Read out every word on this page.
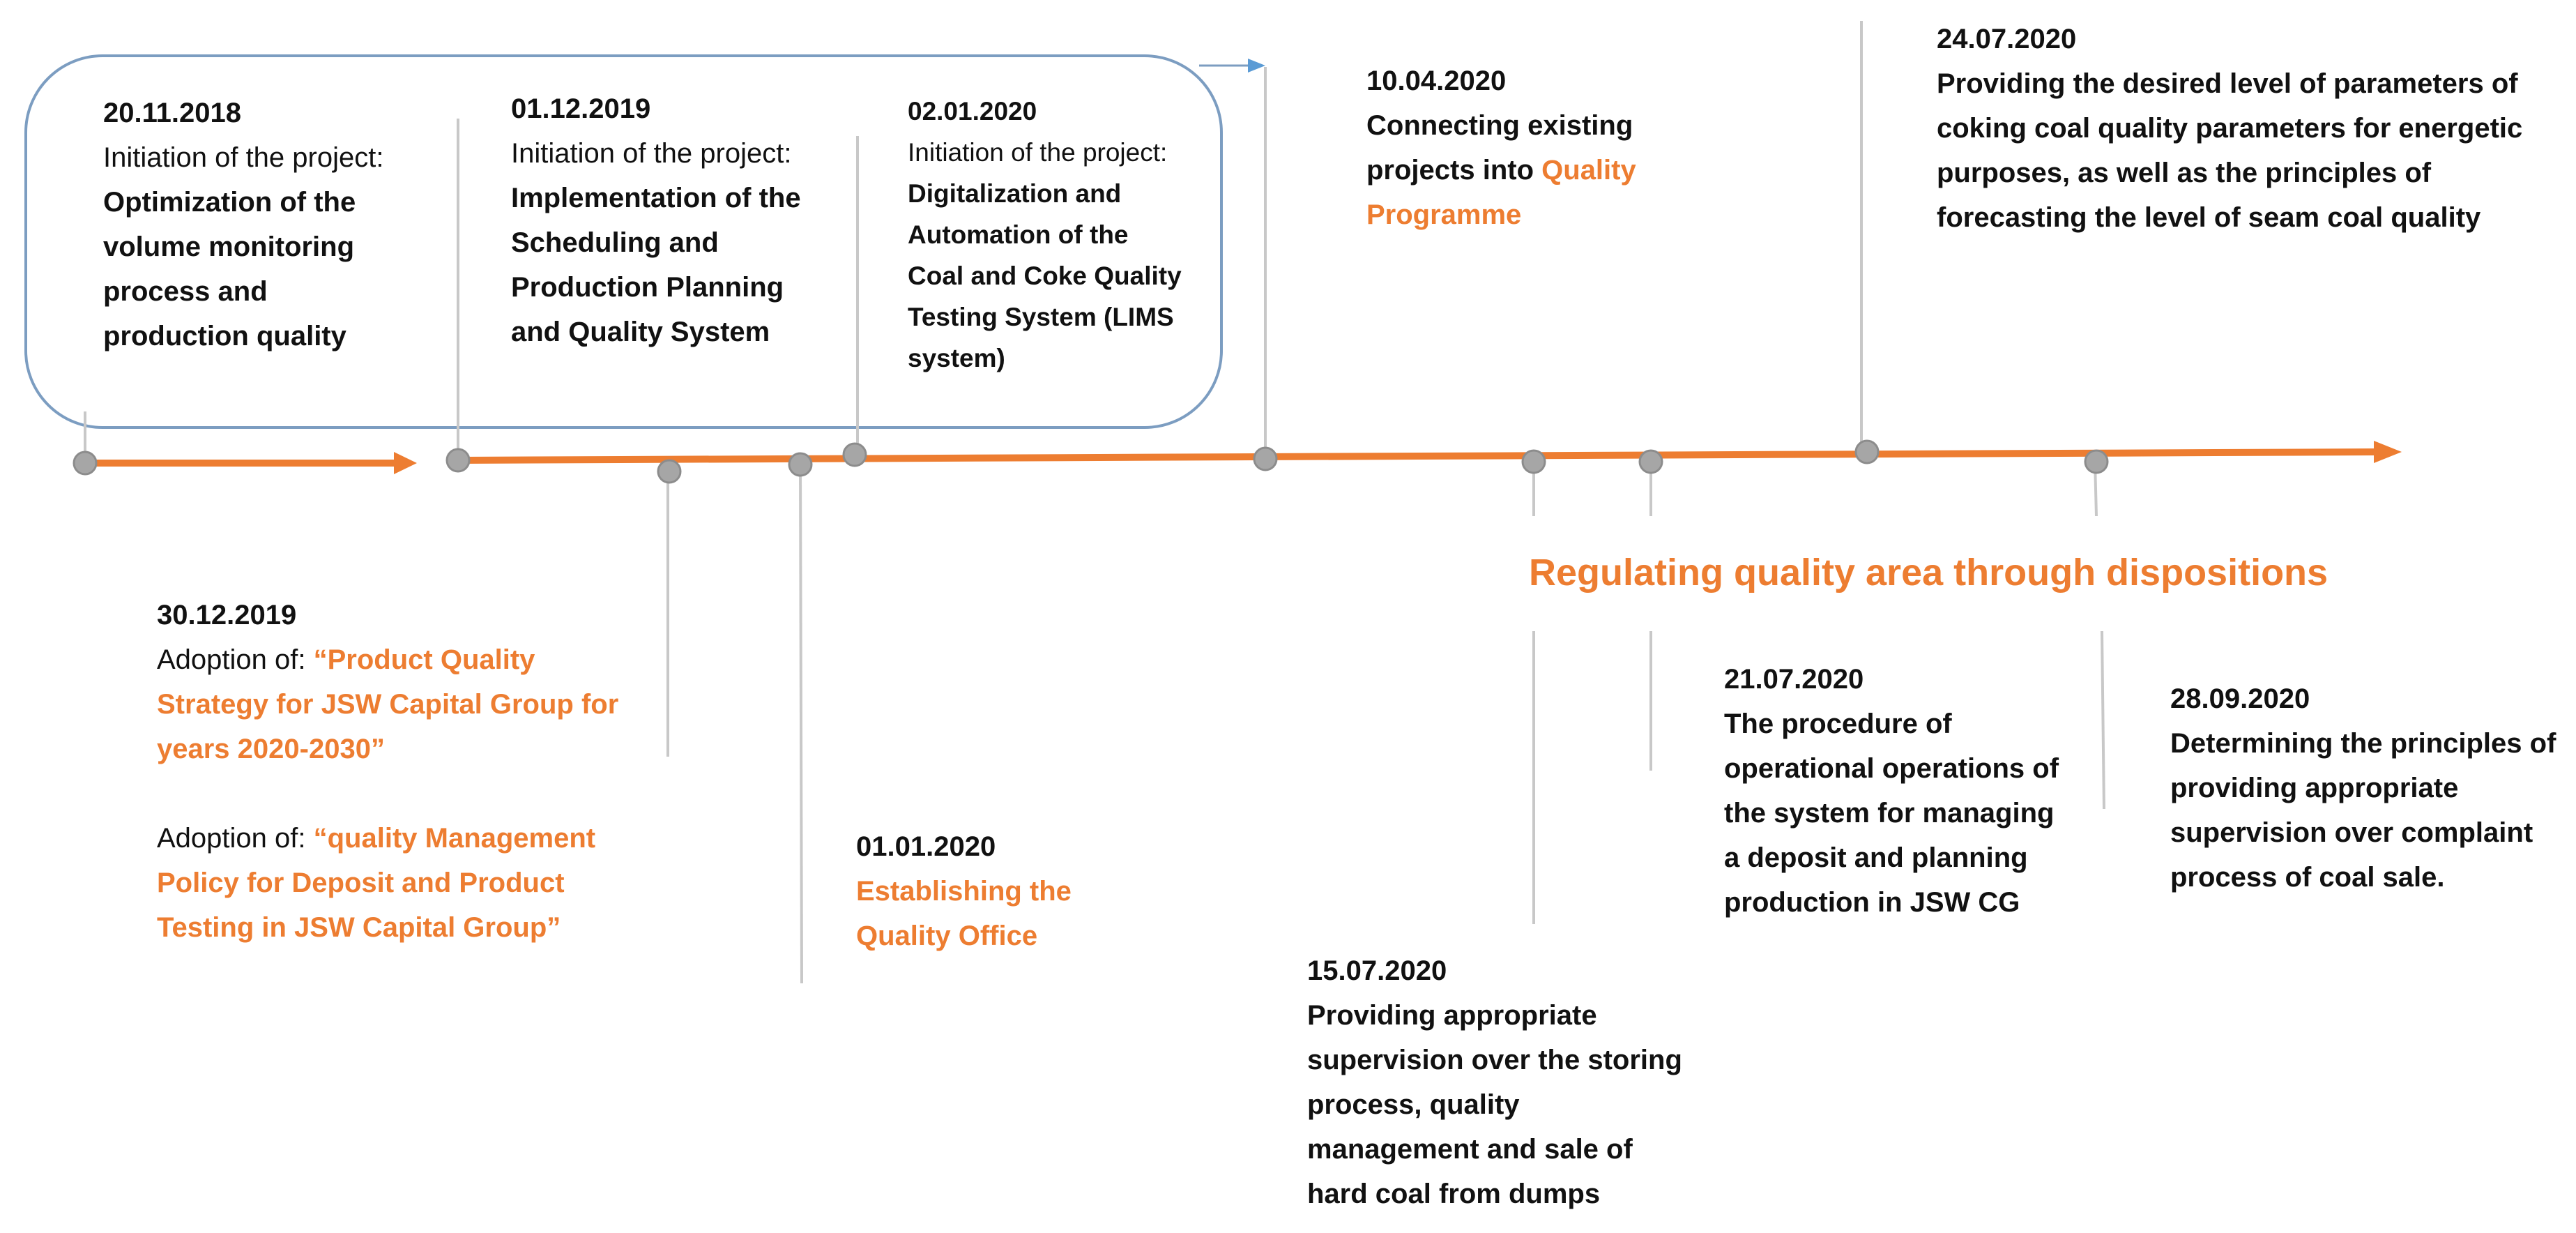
20.11.2018
Initiation of the project: Optimization of the volume monitoring process and production quality
01.12.2019
Initiation of the project: Implementation of the Scheduling and Production Planning and Quality System
02.01.2020
Initiation of the project: Digitalization and Automation of the Coal and Coke Quality Testing System (LIMS system)
10.04.2020
Connecting existing projects into Quality Programme
24.07.2020
Providing the desired level of parameters of coking coal quality parameters for energetic purposes, as well as the principles of forecasting the level of seam coal quality
30.12.2019
Adoption of: “Product Quality Strategy for JSW Capital Group for years 2020-2030”
Adoption of: “quality Management Policy for Deposit and Product Testing in JSW Capital Group”
01.01.2020
Establishing the Quality Office
Regulating quality area through dispositions
15.07.2020
Providing appropriate supervision over the storing process, quality management and sale of hard coal from dumps
21.07.2020
The procedure of operational operations of the system for managing a deposit and planning production in JSW CG
28.09.2020
Determining the principles of providing appropriate supervision over complaint process of coal sale.
